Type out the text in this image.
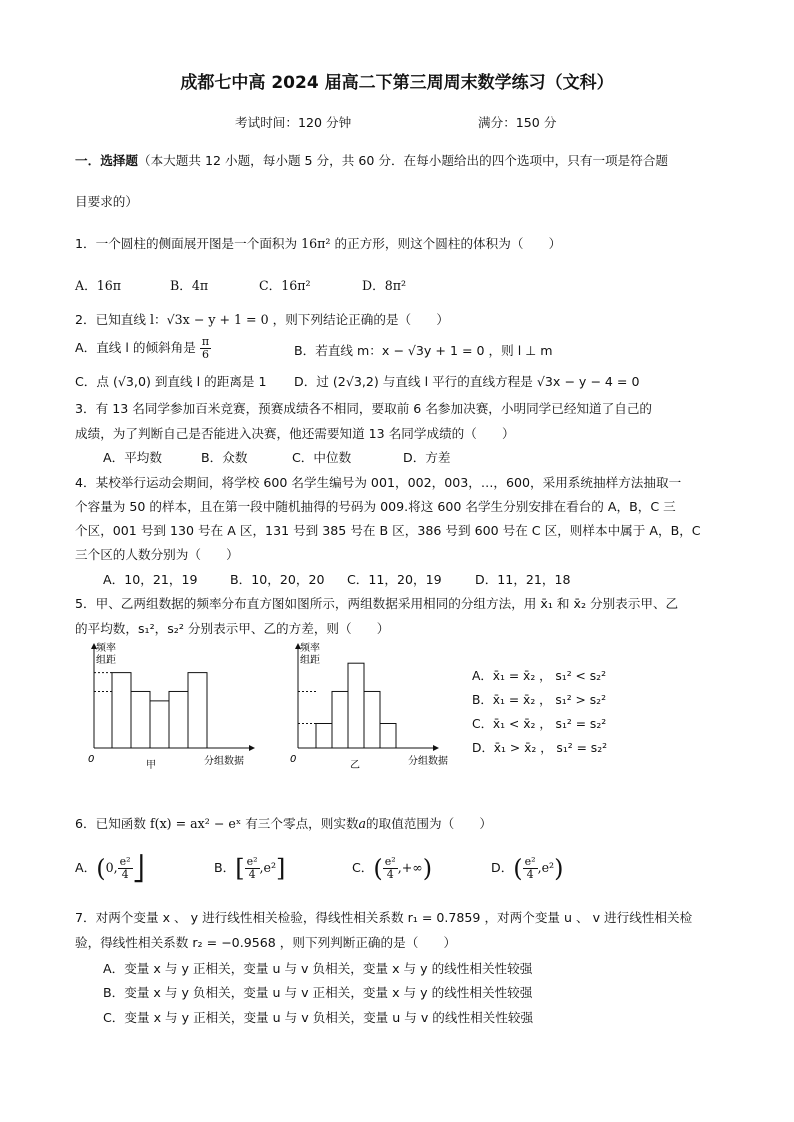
成都七中高 2024 届高二下第三周周末数学练习（文科）
考试时间：120 分钟	满分：150 分
一．选择题（本大题共 12 小题，每小题 5 分，共 60 分．在每小题给出的四个选项中，只有一项是符合题
目要求的）
1．一个圆柱的侧面展开图是一个面积为 16π² 的正方形，则这个圆柱的体积为（　　）
A．16π	B．4π	C．16π²	D．8π²
2．已知直线 l：√3x − y + 1 = 0 ，则下列结论正确的是（　　）
A．直线 l 的倾斜角是 $\frac{\pi}{6}$	B．若直线 m：x − √3y + 1 = 0 ，则 l ⊥ m
C．点 (√3,0) 到直线 l 的距离是 1 D．过 (2√3,2) 与直线 l 平行的直线方程是 √3x − y − 4 = 0
3．有 13 名同学参加百米竞赛，预赛成绩各不相同，要取前 6 名参加决赛，小明同学已经知道了自己的
成绩，为了判断自己是否能进入决赛，他还需要知道 13 名同学成绩的（　　）
A．平均数	B．众数	C．中位数	D．方差
4．某校举行运动会期间，将学校 600 名学生编号为 001，002，003，…，600，采用系统抽样方法抽取一
个容量为 50 的样本，且在第一段中随机抽得的号码为 009.将这 600 名学生分别安排在看台的 A，B，C 三
个区，001 号到 130 号在 A 区，131 号到 385 号在 B 区，386 号到 600 号在 C 区，则样本中属于 A，B，C
三个区的人数分别为（　　）
A．10，21，19	B．10，20，20 C．11，20，19	D．11，21，18
5．甲、乙两组数据的频率分布直方图如图所示，两组数据采用相同的分组方法，用 x̄₁ 和 x̄₂ 分别表示甲、乙
的平均数，s₁²，s₂² 分别表示甲、乙的方差，则（　　）
频率
组距
0
甲	分组数据
频率
组距
0
乙	分组数据
A．x̄₁ = x̄₂ ， s₁² < s₂²
B．x̄₁ = x̄₂ ， s₁² > s₂²
C．x̄₁ < x̄₂ ， s₁² = s₂²
D．x̄₁ > x̄₂ ， s₁² = s₂²
6．已知函数 f(x) = ax² − eˣ 有三个零点，则实数a的取值范围为（　　）
A．(0, $\frac{\text{e²}}{4}$ ⎦	B．[ $\frac{\text{e²}}{4} ,e^2$]	C．( $\frac{\text{e²}}{4}$ ,+∞)	D．( $\frac{\text{e²}}{4} ,e^2$)
7．对两个变量 x 、 y 进行线性相关检验，得线性相关系数 r₁ = 0.7859 ，对两个变量 u 、 v 进行线性相关检
验，得线性相关系数 r₂ = −0.9568 ，则下列判断正确的是（　　）
A．变量 x 与 y 正相关，变量 u 与 v 负相关，变量 x 与 y 的线性相关性较强
B．变量 x 与 y 负相关，变量 u 与 v 正相关，变量 x 与 y 的线性相关性较强
C．变量 x 与 y 正相关，变量 u 与 v 负相关，变量 u 与 v 的线性相关性较强
